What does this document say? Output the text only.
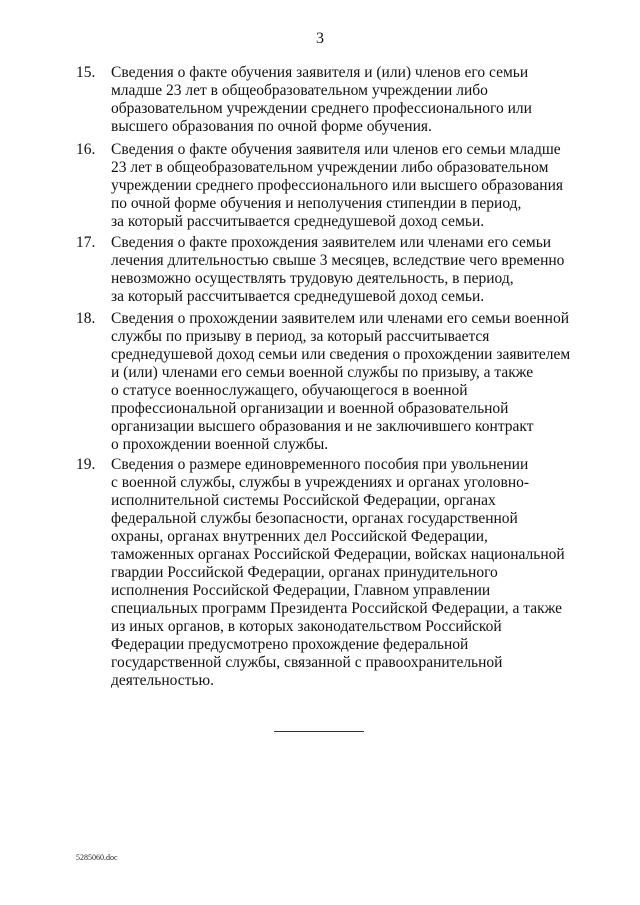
3
15.	Сведения о факте обучения заявителя и (или) членов его семьи
младше 23 лет в общеобразовательном учреждении либо
образовательном учреждении среднего профессионального или
высшего образования по очной форме обучения.
16.	Сведения о факте обучения заявителя или членов его семьи младше
23 лет в общеобразовательном учреждении либо образовательном
учреждении среднего профессионального или высшего образования
по очной форме обучения и неполучения стипендии в период,
за который рассчитывается среднедушевой доход семьи.
17.	Сведения о факте прохождения заявителем или членами его семьи
лечения длительностью свыше 3 месяцев, вследствие чего временно
невозможно осуществлять трудовую деятельность, в период,
за который рассчитывается среднедушевой доход семьи.
18.	Сведения о прохождении заявителем или членами его семьи военной
службы по призыву в период, за который рассчитывается
среднедушевой доход семьи или сведения о прохождении заявителем
и (или) членами его семьи военной службы по призыву, а также
о статусе военнослужащего, обучающегося в военной
профессиональной организации и военной образовательной
организации высшего образования и не заключившего контракт
о прохождении военной службы.
19.	Сведения о размере единовременного пособия при увольнении
с военной службы, службы в учреждениях и органах уголовно-
исполнительной системы Российской Федерации, органах
федеральной службы безопасности, органах государственной
охраны, органах внутренних дел Российской Федерации,
таможенных органах Российской Федерации, войсках национальной
гвардии Российской Федерации, органах принудительного
исполнения Российской Федерации, Главном управлении
специальных программ Президента Российской Федерации, а также
из иных органов, в которых законодательством Российской
Федерации предусмотрено прохождение федеральной
государственной службы, связанной с правоохранительной
деятельностью.
5285060.doc
